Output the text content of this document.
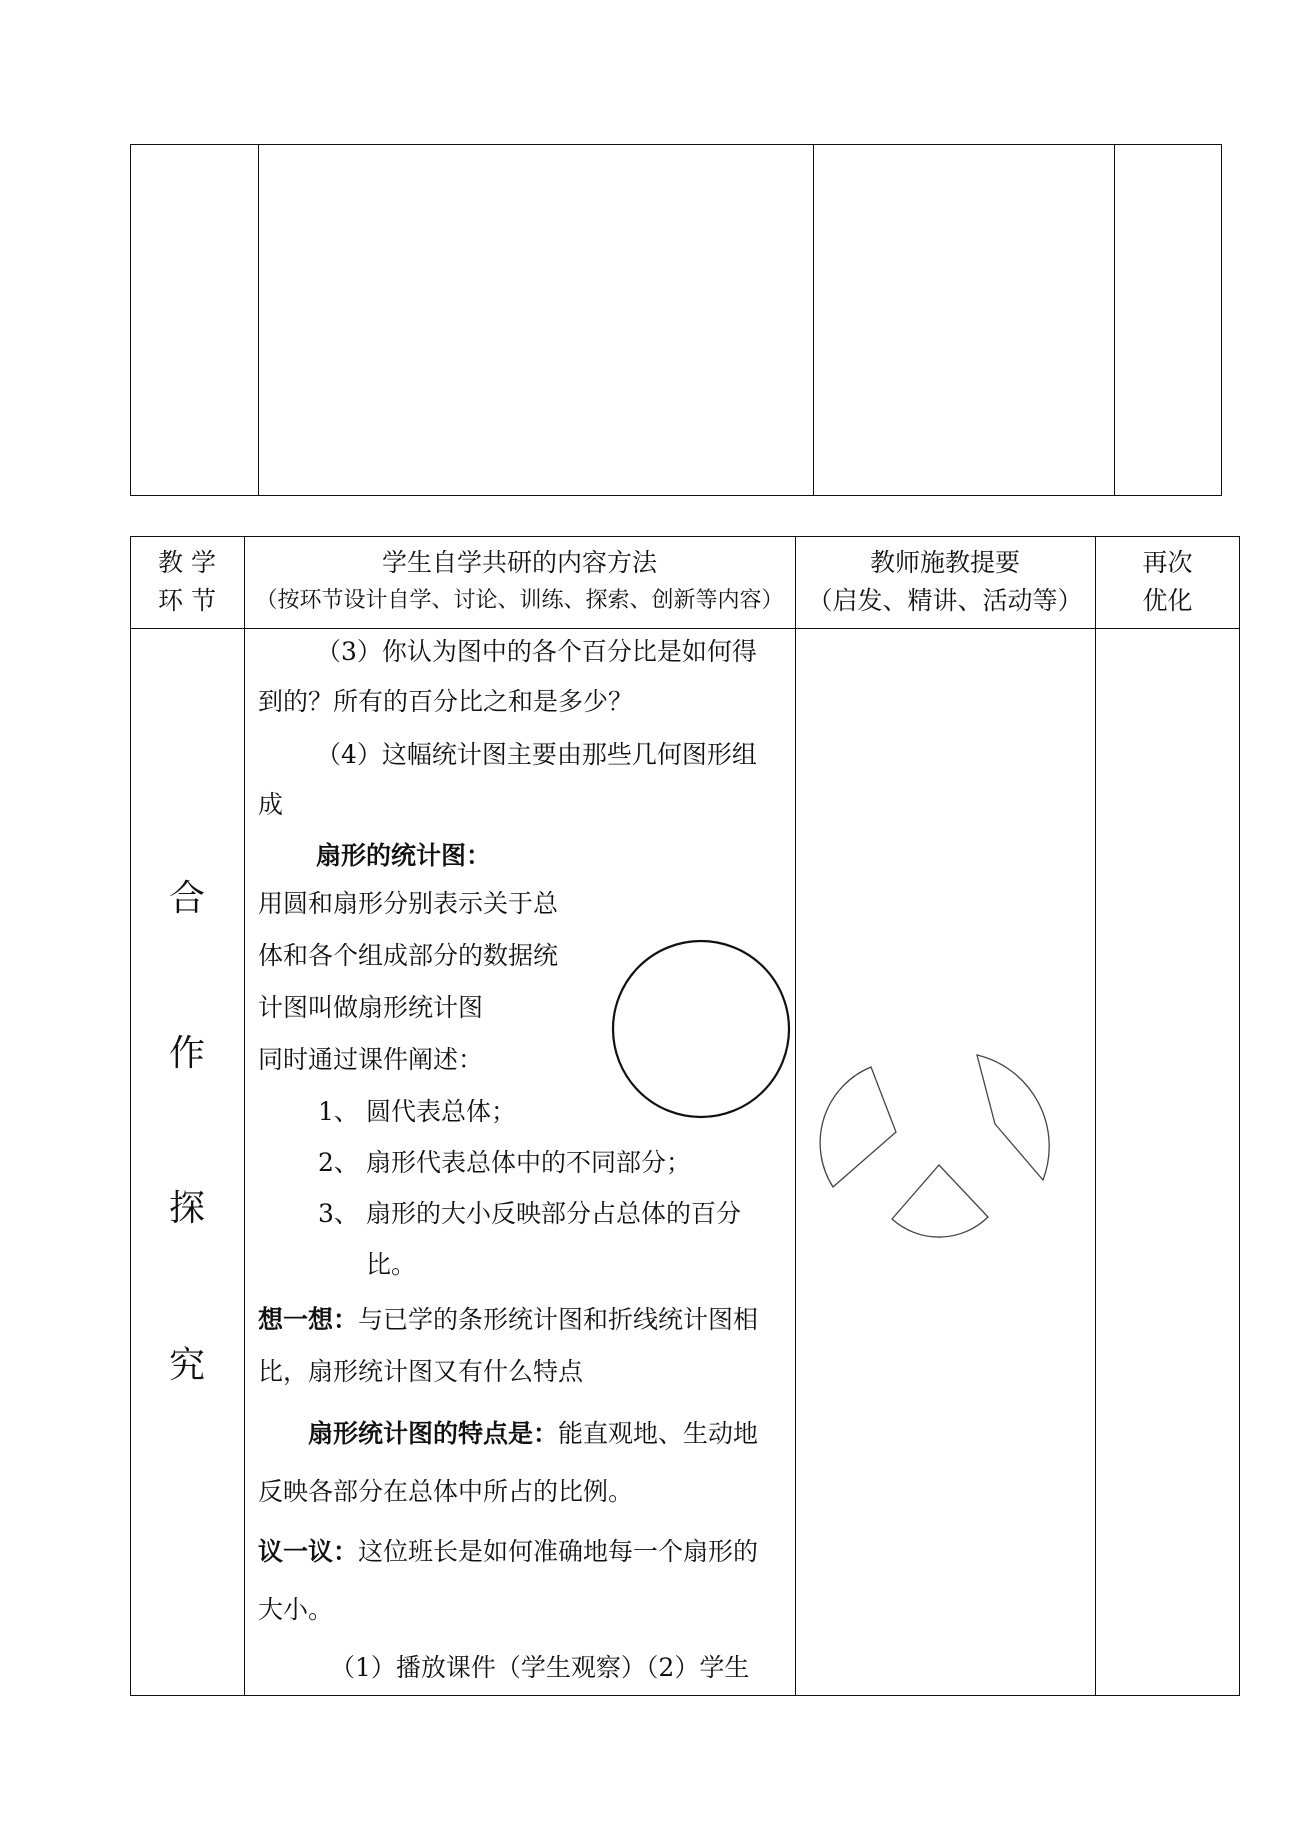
教 学
环 节
学生自学共研的内容方法
（按环节设计自学、讨论、训练、探索、创新等内容）
教师施教提要
（启发、精讲、活动等）
再次
优化
合
作
探
究
（3）你认为图中的各个百分比是如何得
到的？所有的百分比之和是多少？
（4）这幅统计图主要由那些几何图形组
成
扇形的统计图：
用圆和扇形分别表示关于总
体和各个组成部分的数据统
计图叫做扇形统计图
同时通过课件阐述：
1、 圆代表总体；
2、 扇形代表总体中的不同部分；
3、 扇形的大小反映部分占总体的百分
比。
想一想：与已学的条形统计图和折线统计图相
比，扇形统计图又有什么特点
扇形统计图的特点是：能直观地、生动地
反映各部分在总体中所占的比例。
议一议：这位班长是如何准确地每一个扇形的
大小。
（1）播放课件（学生观察）（2）学生
